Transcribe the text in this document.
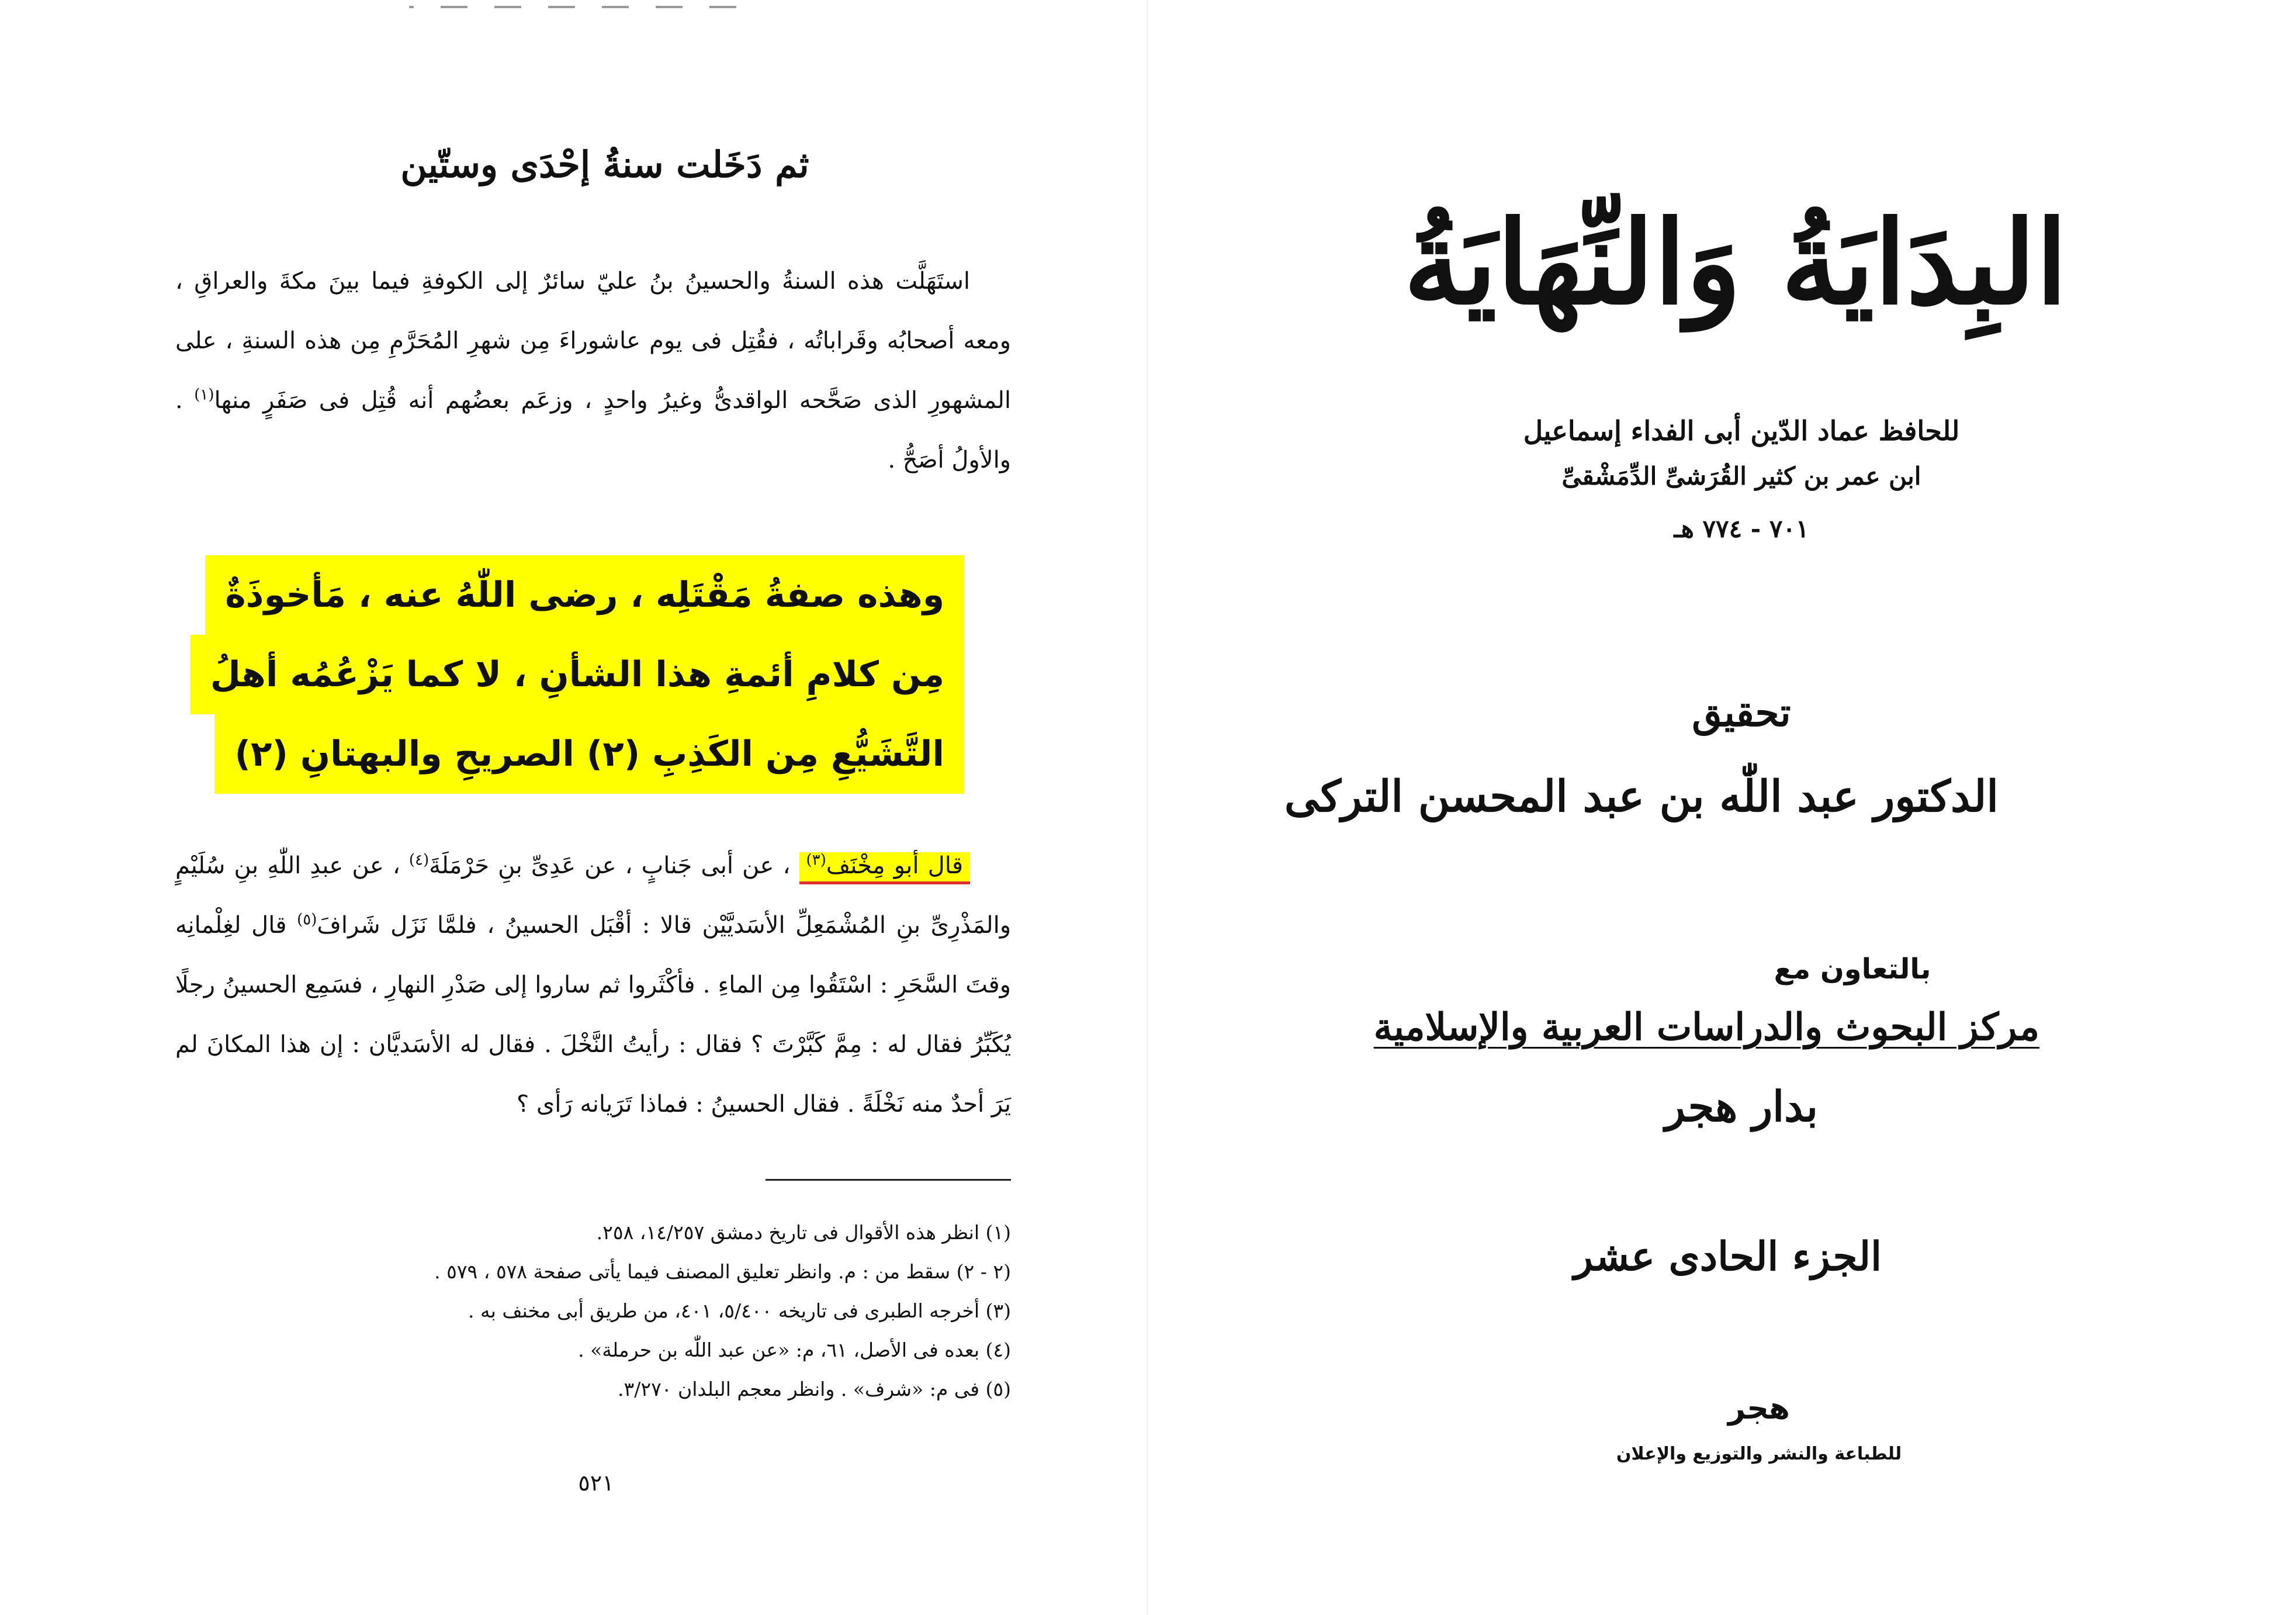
ثم دَخَلت سنةُ إحْدَى وستّين
استَهَلَّت هذه السنةُ والحسينُ بنُ عليّ سائرٌ إلى الكوفةِ فيما بينَ مكةَ والعراقِ ، ومعه أصحابُه وقَراباتُه ، فقُتِل فى يوم عاشوراءَ مِن شهرِ المُحَرَّمِ مِن هذه السنةِ ، على المشهورِ الذى صَحَّحه الواقدىُّ وغيرُ واحدٍ ، وزعَم بعضُهم أنه قُتِل فى صَفَرٍ منها$^{(١)}$ . والأولُ أصَحُّ .
وهذه صفةُ مَقْتَلِه ، رضى اللّٰهُ عنه ، مَأخوذَةٌ
مِن كلامِ أئمةِ هذا الشأنِ ، لا كما يَزْعُمُه أهلُ
التَّشَيُّعِ مِن الكَذِبِ (٢) الصريحِ والبهتانِ (٢)
قال أبو مِخْنَف$^{(٣)}$ ، عن أبى جَنابٍ ، عن عَدِىِّ بنِ حَرْمَلَةَ$^{(٤)}$ ، عن عبدِ اللّٰهِ بنِ سُلَيْمٍ والمَذْرِىِّ بنِ المُشْمَعِلِّ الأسَديَّيْن قالا : أقْبَل الحسينُ ، فلمَّا نَزَل شَرافَ$^{(٥)}$ قال لغِلْمانِه وقتَ السَّحَرِ : اسْتَقُوا مِن الماءِ . فأكْثَروا ثم ساروا إلى صَدْرِ النهارِ ، فسَمِع الحسينُ رجلًا يُكَبِّرُ فقال له : مِمَّ كَبَّرْتَ ؟ فقال : رأيتُ النَّخْلَ . فقال له الأسَديَّان : إن هذا المكانَ لم يَرَ أحدٌ منه نَخْلَةً . فقال الحسينُ : فماذا تَرَيانه رَأى ؟
(١) انظر هذه الأقوال فى تاريخ دمشق ١٤/٢٥٧، ٢٥٨.
(٢ - ٢) سقط من : م. وانظر تعليق المصنف فيما يأتى صفحة ٥٧٨ ، ٥٧٩ .
(٣) أخرجه الطبرى فى تاريخه ٥/٤٠٠، ٤٠١، من طريق أبى مخنف به .
(٤) بعده فى الأصل، ٦١، م: «عن عبد اللّٰه بن حرملة» .
(٥) فى م: «شرف» . وانظر معجم البلدان ٣/٢٧٠.
٥٢١
البِدَايَةُ وَالنِّهَايَةُ
للحافظ عماد الدّين أبى الفداء إسماعيل
ابن عمر بن كثير القُرَشىِّ الدِّمَشْقىِّ
٧٠١ - ٧٧٤ هـ
تحقيق
الدكتور عبد اللّٰه بن عبد المحسن التركى
بالتعاون مع
مركز البحوث والدراسات العربية والإسلامية
بدار هجر
الجزء الحادى عشر
هجر
للطباعة والنشر والتوزيع والإعلان
